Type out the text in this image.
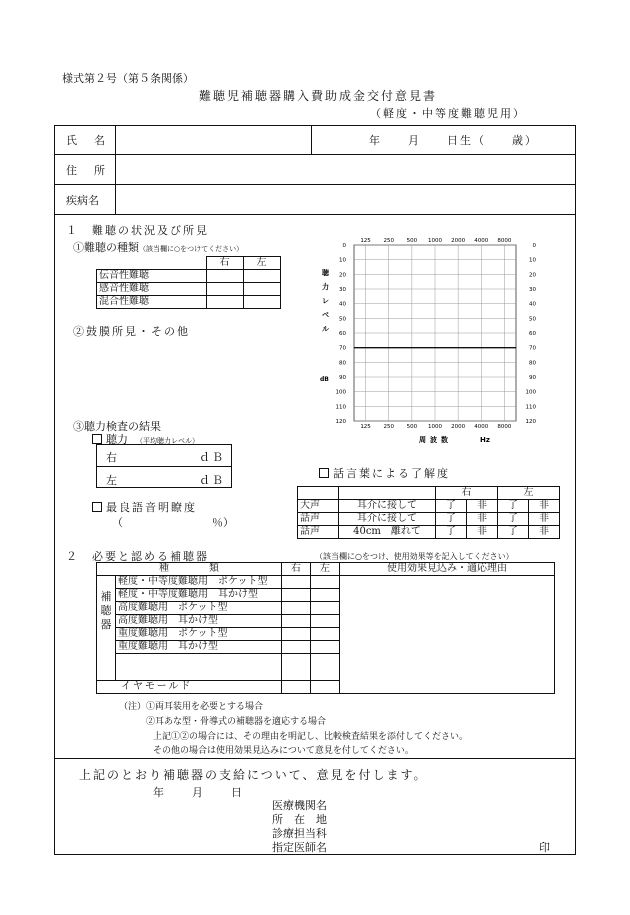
様式第２号（第５条関係）
難聴児補聴器購入費助成金交付意見書
（軽度・中等度難聴児用）
氏　名	年　　月　　日生（　　歳）
住　所
疾病名
１　難聴の状況及び所見
①難聴の種類（該当欄に○をつけてください）
	右	左
伝音性難聴		
感音性難聴		
混合性難聴		
②鼓膜所見・その他
0	0
10	10
20	20
30	30
40	40
50	50
60	60
70	70
80	80
90	90
100	100
110	110
120	120
125
125
250
250
500
500
1000
1000
2000
2000
4000
4000
8000
8000
聴
力
レ
ベ
ル
dB
周波数	Hz
③聴力検査の結果
聴力 （平均聴力レベル）
右	ｄＢ
左	ｄＢ
最良語音明瞭度
（	％）
話言葉による了解度
		右		左	
大声	耳介に接して	了	非	了	非
話声	耳介に接して	了	非	了	非
話声	40cm　離れて	了	非	了	非
２　必要と認める補聴器	（該当欄に○をつけ、使用効果等を記入してください）
種　　　　類		右	左	使用効果見込み・適応理由
補聴器	軽度・中等度難聴用　ポケット型			
	軽度・中等度難聴用　耳かけ型			
	高度難聴用　ポケット型			
	高度難聴用　耳かけ型			
	重度難聴用　ポケット型			
	重度難聴用　耳かけ型			

イヤモールド				
（注）①両耳装用を必要とする場合
②耳あな型・骨導式の補聴器を適応する場合
上記①②の場合には、その理由を明記し、比較検査結果を添付してください。
その他の場合は使用効果見込みについて意見を付してください。
上記のとおり補聴器の支給について、意見を付します。
年　　月　　日
医療機関名
所　在　地
診療担当科
指定医師名	印
